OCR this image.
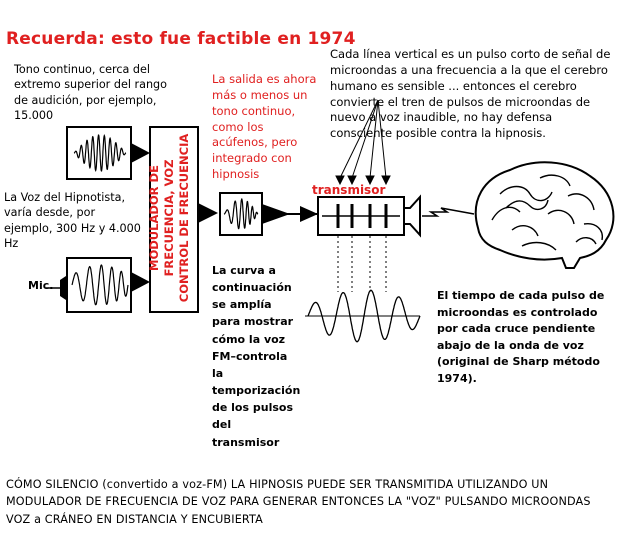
Recuerda: esto fue factible en 1974

Tono continuo, cerca del extremo superior del rango de audición, por ejemplo, 15.000

La salida es ahora más o menos un tono continuo, como los acúfenos, pero integrado con hipnosis

Cada línea vertical es un pulso corto de señal de microondas a una frecuencia a la que el cerebro humano es sensible ... entonces el cerebro convierte el tren de pulsos de microondas de nuevo a voz inaudible, no hay defensa consciente posible contra la hipnosis.

La Voz del Hipnotista, varía desde, por ejemplo, 300 Hz y 4.000 Hz

Mic.

transmisor

MODULADOR DE FRECUENCIA, VOZ CONTROL DE FRECUENCIA La curva a continuación se amplía para mostrar cómo la voz FM–controla la temporización de los pulsos del transmisor

El tiempo de cada pulso de microondas es controlado por cada cruce pendiente abajo de la onda de voz (original de Sharp método 1974).

CÓMO SILENCIO (convertido a voz-FM) LA HIPNOSIS PUEDE SER TRANSMITIDA UTILIZANDO UN MODULADOR DE FRECUENCIA DE VOZ PARA GENERAR ENTONCES LA "VOZ" PULSANDO MICROONDAS VOZ a CRÁNEO EN DISTANCIA Y ENCUBIERTA
